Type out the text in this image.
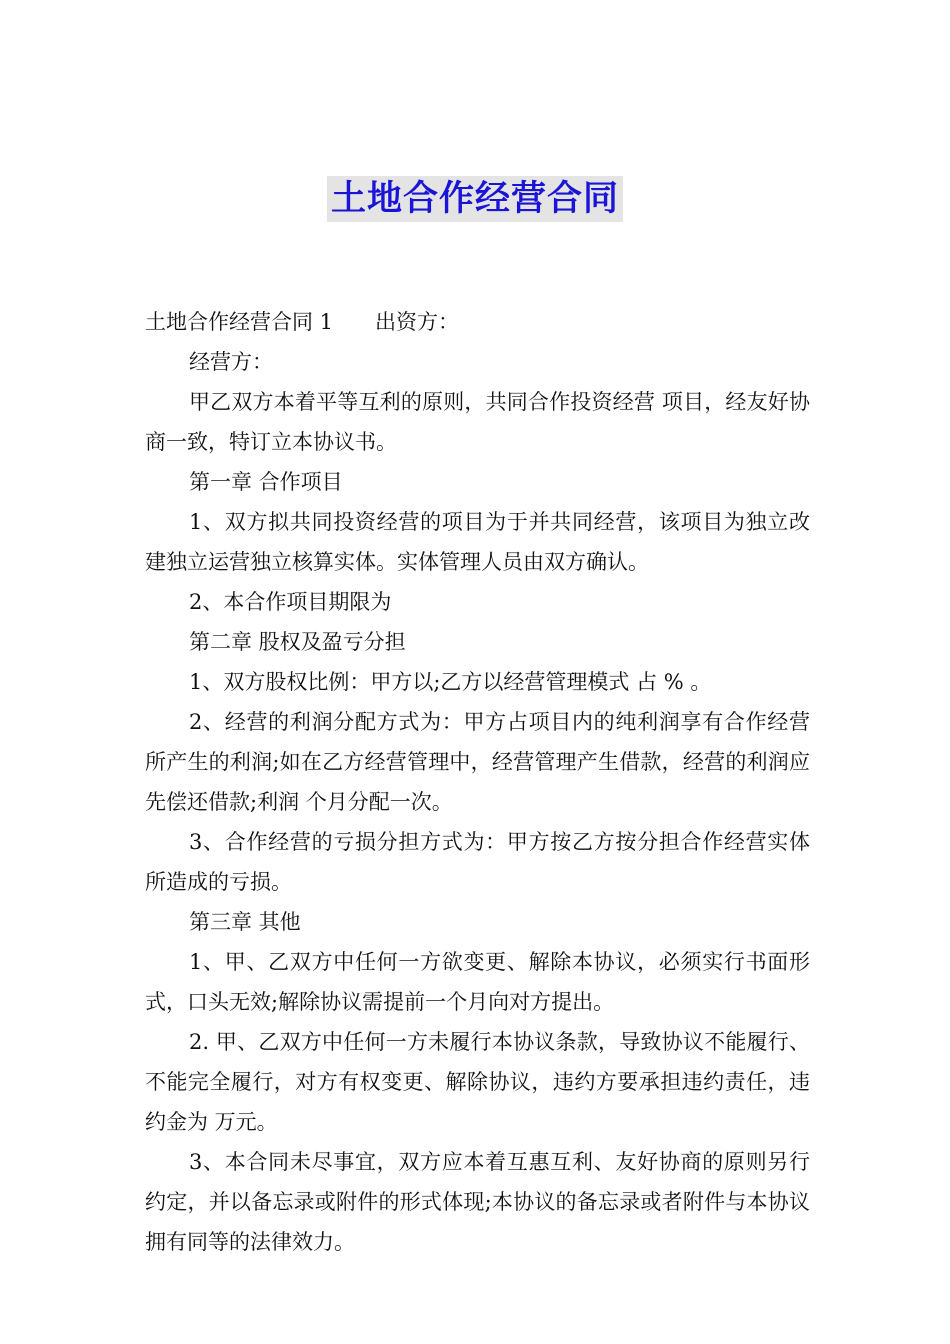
土地合作经营合同

土地合作经营合同 1 出资方：

经营方：

甲乙双方本着平等互利的原则，共同合作投资经营 项目，经友好协商一致，特订立本协议书。

第一章 合作项目

1、双方拟共同投资经营的项目为于并共同经营，该项目为独立改建独立运营独立核算实体。实体管理人员由双方确认。

2、本合作项目期限为

第二章 股权及盈亏分担

1、双方股权比例：甲方以;乙方以经营管理模式 占 % 。

2、经营的利润分配方式为：甲方占项目内的纯利润享有合作经营所产生的利润;如在乙方经营管理中，经营管理产生借款，经营的利润应先偿还借款;利润 个月分配一次。

3、合作经营的亏损分担方式为：甲方按乙方按分担合作经营实体所造成的亏损。

第三章 其他

1、甲、乙双方中任何一方欲变更、解除本协议，必须实行书面形式，口头无效;解除协议需提前一个月向对方提出。

2. 甲、乙双方中任何一方未履行本协议条款，导致协议不能履行、不能完全履行，对方有权变更、解除协议，违约方要承担违约责任，违约金为 万元。

3、本合同未尽事宜，双方应本着互惠互利、友好协商的原则另行约定，并以备忘录或附件的形式体现;本协议的备忘录或者附件与本协议拥有同等的法律效力。
